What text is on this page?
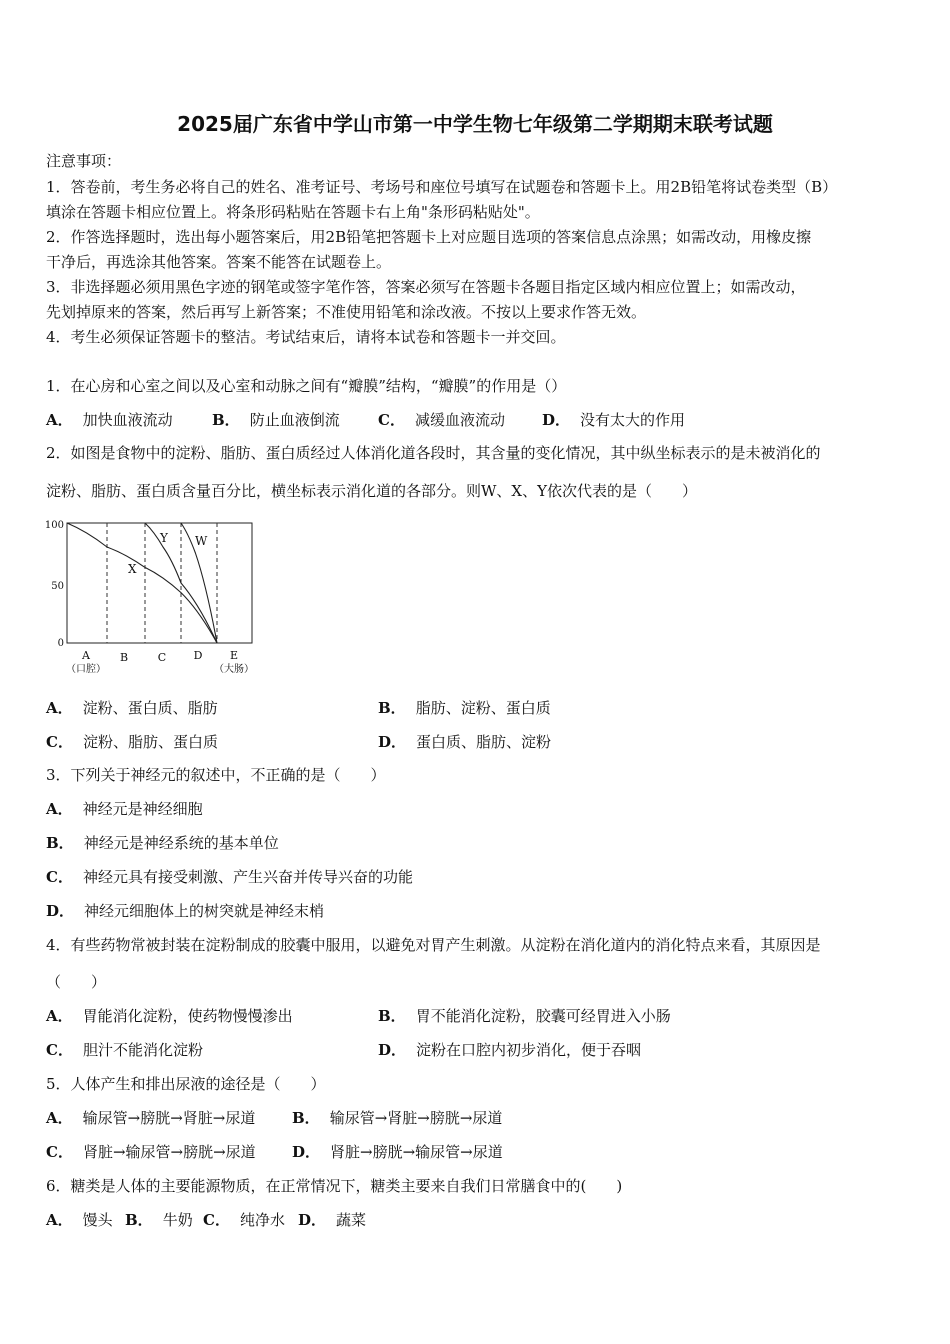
2025届广东省中学山市第一中学生物七年级第二学期期末联考试题
注意事项：
1．答卷前，考生务必将自己的姓名、准考证号、考场号和座位号填写在试题卷和答题卡上。用2B铅笔将试卷类型（B）
填涂在答题卡相应位置上。将条形码粘贴在答题卡右上角"条形码粘贴处"。
2．作答选择题时，选出每小题答案后，用2B铅笔把答题卡上对应题目选项的答案信息点涂黑；如需改动，用橡皮擦
干净后，再选涂其他答案。答案不能答在试题卷上。
3．非选择题必须用黑色字迹的钢笔或签字笔作答，答案必须写在答题卡各题目指定区域内相应位置上；如需改动，
先划掉原来的答案，然后再写上新答案；不准使用铅笔和涂改液。不按以上要求作答无效。
4．考生必须保证答题卡的整洁。考试结束后，请将本试卷和答题卡一并交回。
1．在心房和心室之间以及心室和动脉之间有“瓣膜”结构，“瓣膜”的作用是（）
A． 加快血液流动	B． 防止血液倒流	C． 减缓血液流动 D． 没有太大的作用
2．如图是食物中的淀粉、脂肪、蛋白质经过人体消化道各段时，其含量的变化情况，其中纵坐标表示的是未被消化的
淀粉、脂肪、蛋白质含量百分比，横坐标表示消化道的各部分。则W、X、Y依次代表的是（　　）
100
50
0
A	B	C D	E
（口腔）	（大肠）
X
Y W
A． 淀粉、蛋白质、脂肪	B． 脂肪、淀粉、蛋白质
C． 淀粉、脂肪、蛋白质	D． 蛋白质、脂肪、淀粉
3．下列关于神经元的叙述中，不正确的是（　　）
A． 神经元是神经细胞
B． 神经元是神经系统的基本单位
C． 神经元具有接受刺激、产生兴奋并传导兴奋的功能
D． 神经元细胞体上的树突就是神经末梢
4．有些药物常被封装在淀粉制成的胶囊中服用，以避免对胃产生刺激。从淀粉在消化道内的消化特点来看，其原因是
（　　）
A． 胃能消化淀粉，使药物慢慢渗出	B． 胃不能消化淀粉，胶囊可经胃进入小肠
C． 胆汁不能消化淀粉	D． 淀粉在口腔内初步消化，便于吞咽
5．人体产生和排出尿液的途径是（　　）
A． 输尿管→膀胱→肾脏→尿道 B． 输尿管→肾脏→膀胱→尿道
C． 肾脏→输尿管→膀胱→尿道 D． 肾脏→膀胱→输尿管→尿道
6．糖类是人体的主要能源物质，在正常情况下，糖类主要来自我们日常膳食中的(　　)
A． 馒头 B． 牛奶 C． 纯净水 D． 蔬菜
